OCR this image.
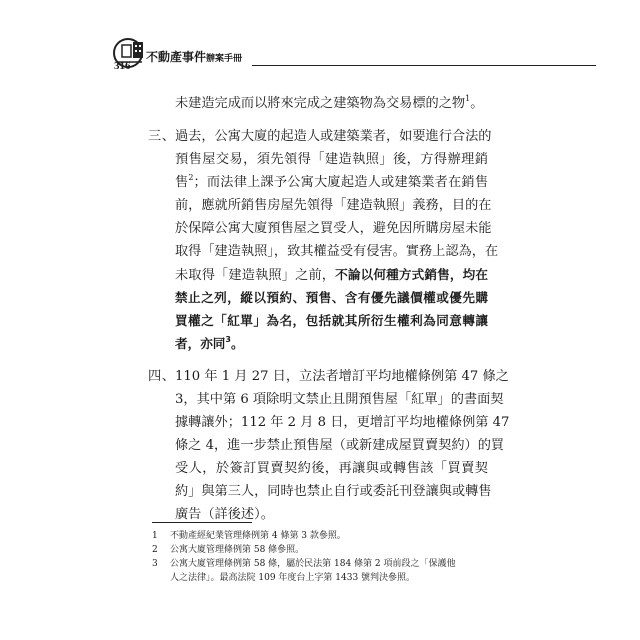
316
不動產事件辦案手冊
未建造完成而以將來完成之建築物為交易標的之物$^1$。
三、過去，公寓大廈的起造人或建築業者，如要進行合法的
預售屋交易，須先領得「建造執照」後，方得辦理銷
售$^2$；而法律上課予公寓大廈起造人或建築業者在銷售
前，應就所銷售房屋先領得「建造執照」義務，目的在
於保障公寓大廈預售屋之買受人，避免因所購房屋未能
取得「建造執照」，致其權益受有侵害。實務上認為，在
未取得「建造執照」之前，不論以何種方式銷售，均在
禁止之列，縱以預約、預售、含有優先議價權或優先購
買權之「紅單」為名，包括就其所衍生權利為同意轉讓
者，亦同$^3$。
四、110 年 1 月 27 日，立法者增訂平均地權條例第 47 條之
3，其中第 6 項除明文禁止且開預售屋「紅單」的書面契
據轉讓外；112 年 2 月 8 日，更增訂平均地權條例第 47
條之 4，進一步禁止預售屋（或新建成屋買賣契約）的買
受人，於簽訂買賣契約後，再讓與或轉售該「買賣契
約」與第三人，同時也禁止自行或委託刊登讓與或轉售
廣告（詳後述）。
1 不動產經紀業管理條例第 4 條第 3 款參照。
2 公寓大廈管理條例第 58 條參照。
3 公寓大廈管理條例第 58 條，屬於民法第 184 條第 2 項前段之「保護他
人之法律」。最高法院 109 年度台上字第 1433 號判決參照。
